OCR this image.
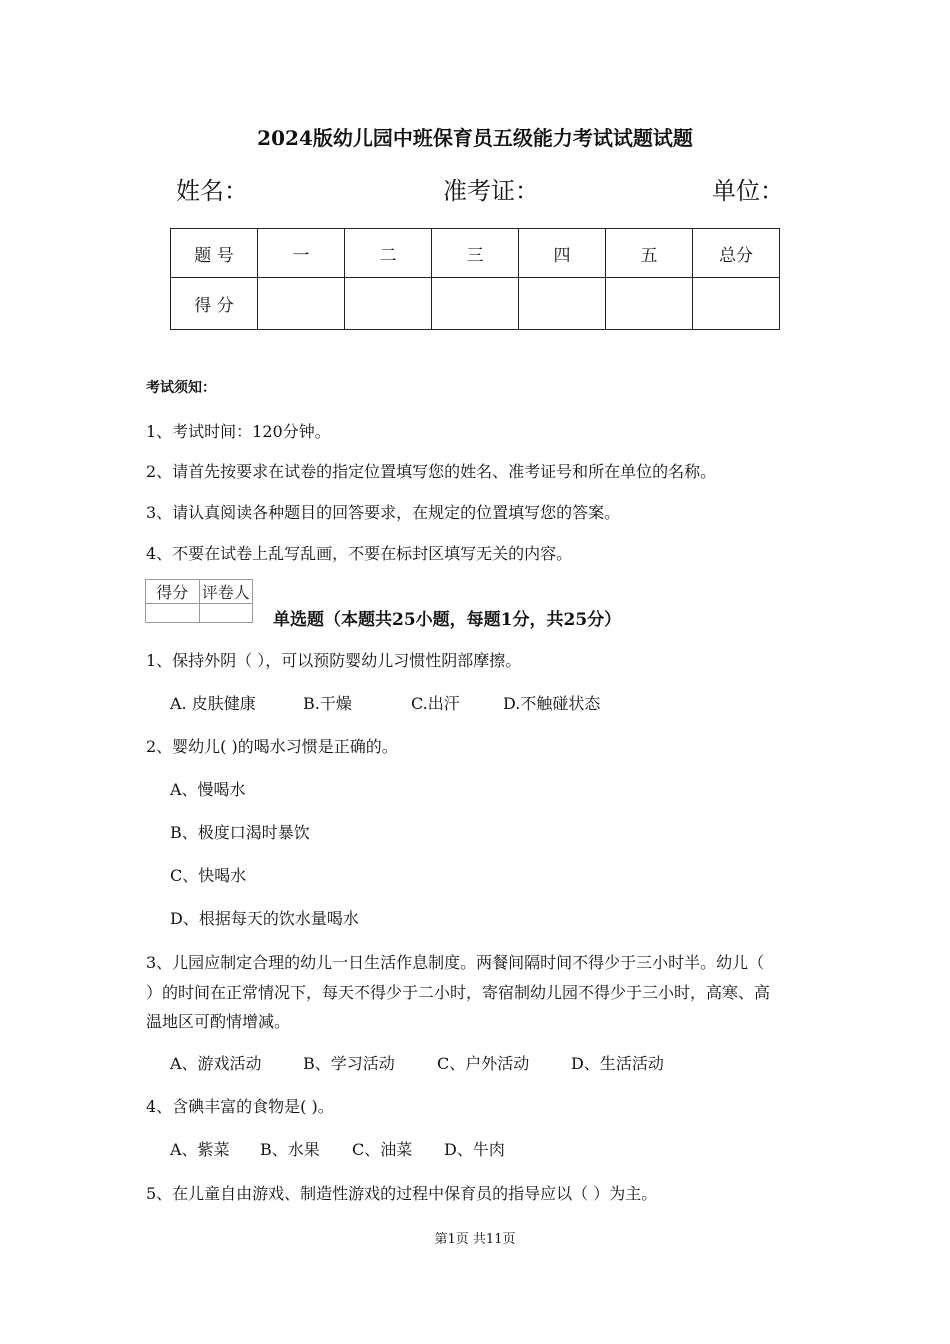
2024版幼儿园中班保育员五级能力考试试题试题
姓名：	准考证：	单位：
题 号	一	二	三	四	五	总分
得 分						
考试须知：
1、考试时间：120分钟。
2、请首先按要求在试卷的指定位置填写您的姓名、准考证号和所在单位的名称。
3、请认真阅读各种题目的回答要求，在规定的位置填写您的答案。
4、不要在试卷上乱写乱画，不要在标封区填写无关的内容。
得分	评卷人

单选题（本题共25小题，每题1分，共25分）
1、保持外阴（ ），可以预防婴幼儿习惯性阴部摩擦。
A. 皮肤健康	B.干燥	C.出汗	D.不触碰状态
2、婴幼儿( )的喝水习惯是正确的。
A、慢喝水
B、极度口渴时暴饮
C、快喝水
D、根据每天的饮水量喝水
3、儿园应制定合理的幼儿一日生活作息制度。两餐间隔时间不得少于三小时半。幼儿（
）的时间在正常情况下，每天不得少于二小时，寄宿制幼儿园不得少于三小时，高寒、高
温地区可酌情增减。
A、游戏活动	B、学习活动	C、户外活动	D、生活活动
4、含碘丰富的食物是( )。
A、紫菜 B、水果 C、油菜 D、牛肉
5、在儿童自由游戏、制造性游戏的过程中保育员的指导应以（ ）为主。
第1页 共11页
